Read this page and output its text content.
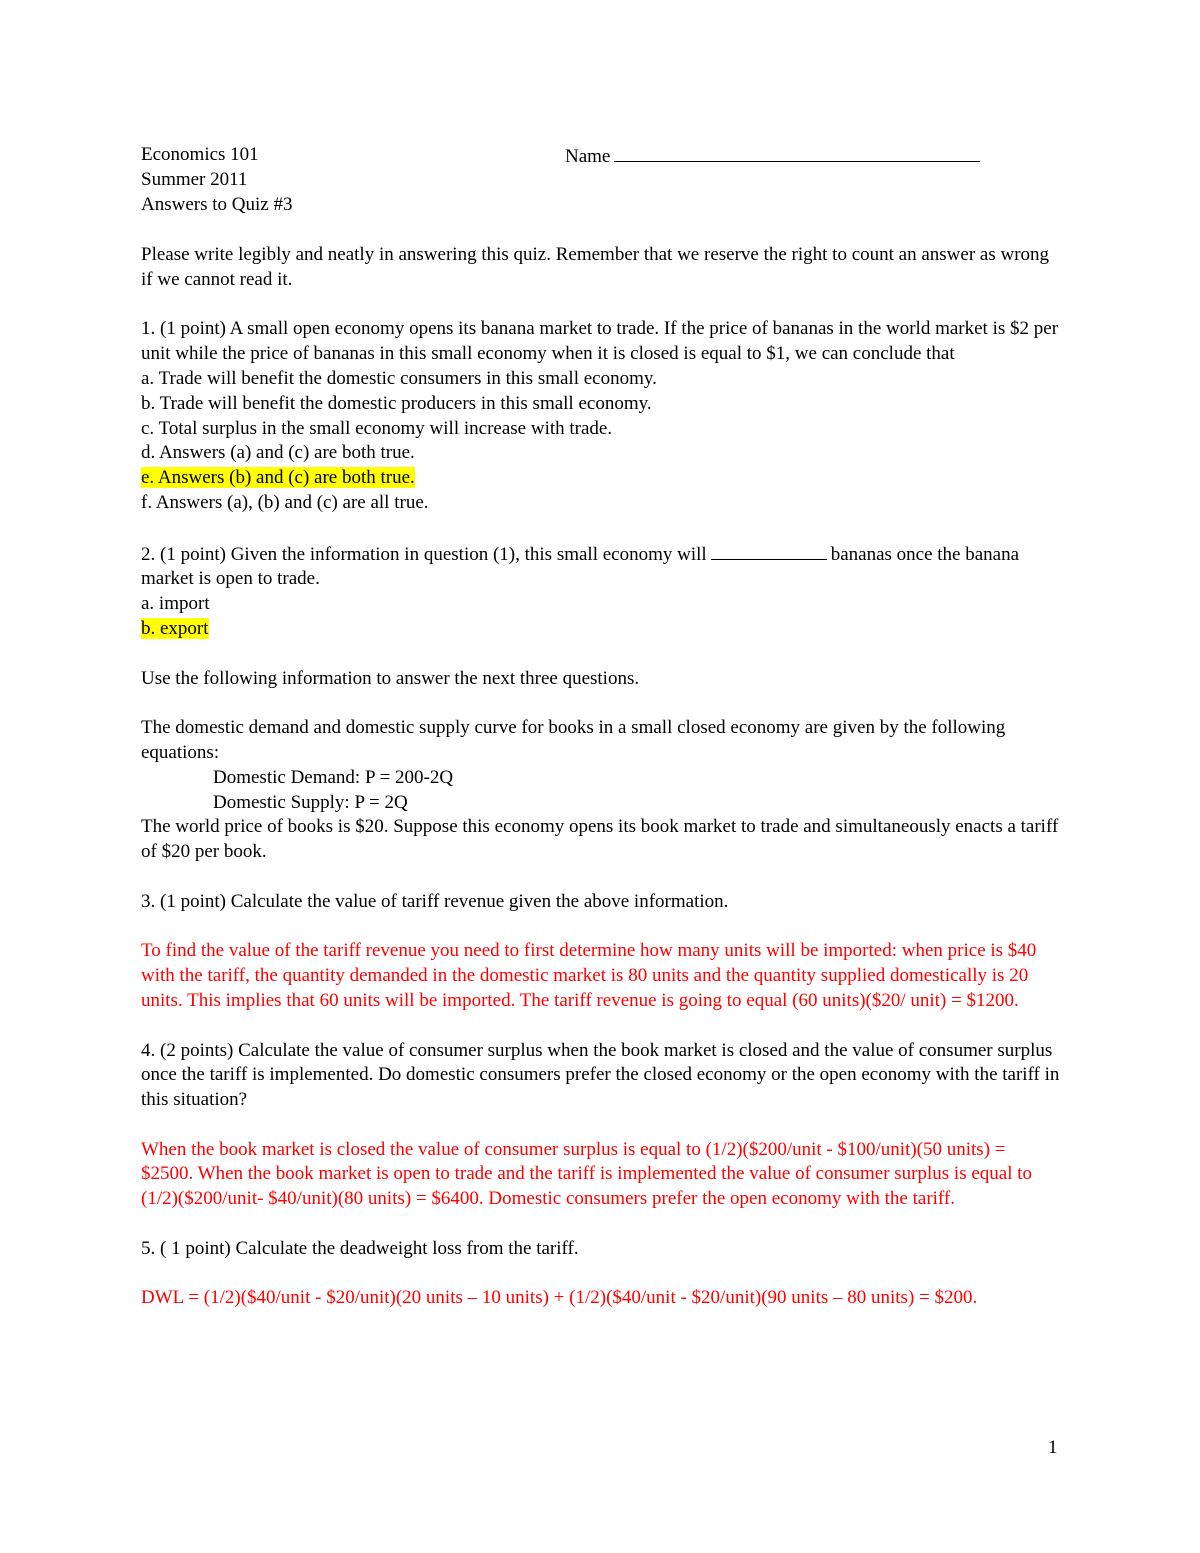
Economics 101
Summer 2011
Answers to Quiz #3
Name

Please write legibly and neatly in answering this quiz. Remember that we reserve the right to count an answer as wrong if we cannot read it.

1. (1 point) A small open economy opens its banana market to trade. If the price of bananas in the world market is $2 per unit while the price of bananas in this small economy when it is closed is equal to $1, we can conclude that
a. Trade will benefit the domestic consumers in this small economy.
b. Trade will benefit the domestic producers in this small economy.
c. Total surplus in the small economy will increase with trade.
d. Answers (a) and (c) are both true.
e. Answers (b) and (c) are both true.
f. Answers (a), (b) and (c) are all true.

2. (1 point) Given the information in question (1), this small economy will	bananas once the banana market is open to trade.
a. import
b. export

Use the following information to answer the next three questions.

The domestic demand and domestic supply curve for books in a small closed economy are given by the following equations:
Domestic Demand: P = 200-2Q
Domestic Supply: P = 2Q
The world price of books is $20. Suppose this economy opens its book market to trade and simultaneously enacts a tariff of $20 per book.

3. (1 point) Calculate the value of tariff revenue given the above information.

To find the value of the tariff revenue you need to first determine how many units will be imported: when price is $40 with the tariff, the quantity demanded in the domestic market is 80 units and the quantity supplied domestically is 20 units. This implies that 60 units will be imported. The tariff revenue is going to equal (60 units)($20/ unit) = $1200.

4. (2 points) Calculate the value of consumer surplus when the book market is closed and the value of consumer surplus once the tariff is implemented. Do domestic consumers prefer the closed economy or the open economy with the tariff in this situation?

When the book market is closed the value of consumer surplus is equal to (1/2)($200/unit - $100/unit)(50 units) = $2500. When the book market is open to trade and the tariff is implemented the value of consumer surplus is equal to (1/2)($200/unit- $40/unit)(80 units) = $6400. Domestic consumers prefer the open economy with the tariff.

5. ( 1 point) Calculate the deadweight loss from the tariff.

DWL = (1/2)($40/unit - $20/unit)(20 units – 10 units) + (1/2)($40/unit - $20/unit)(90 units – 80 units) = $200.

1
